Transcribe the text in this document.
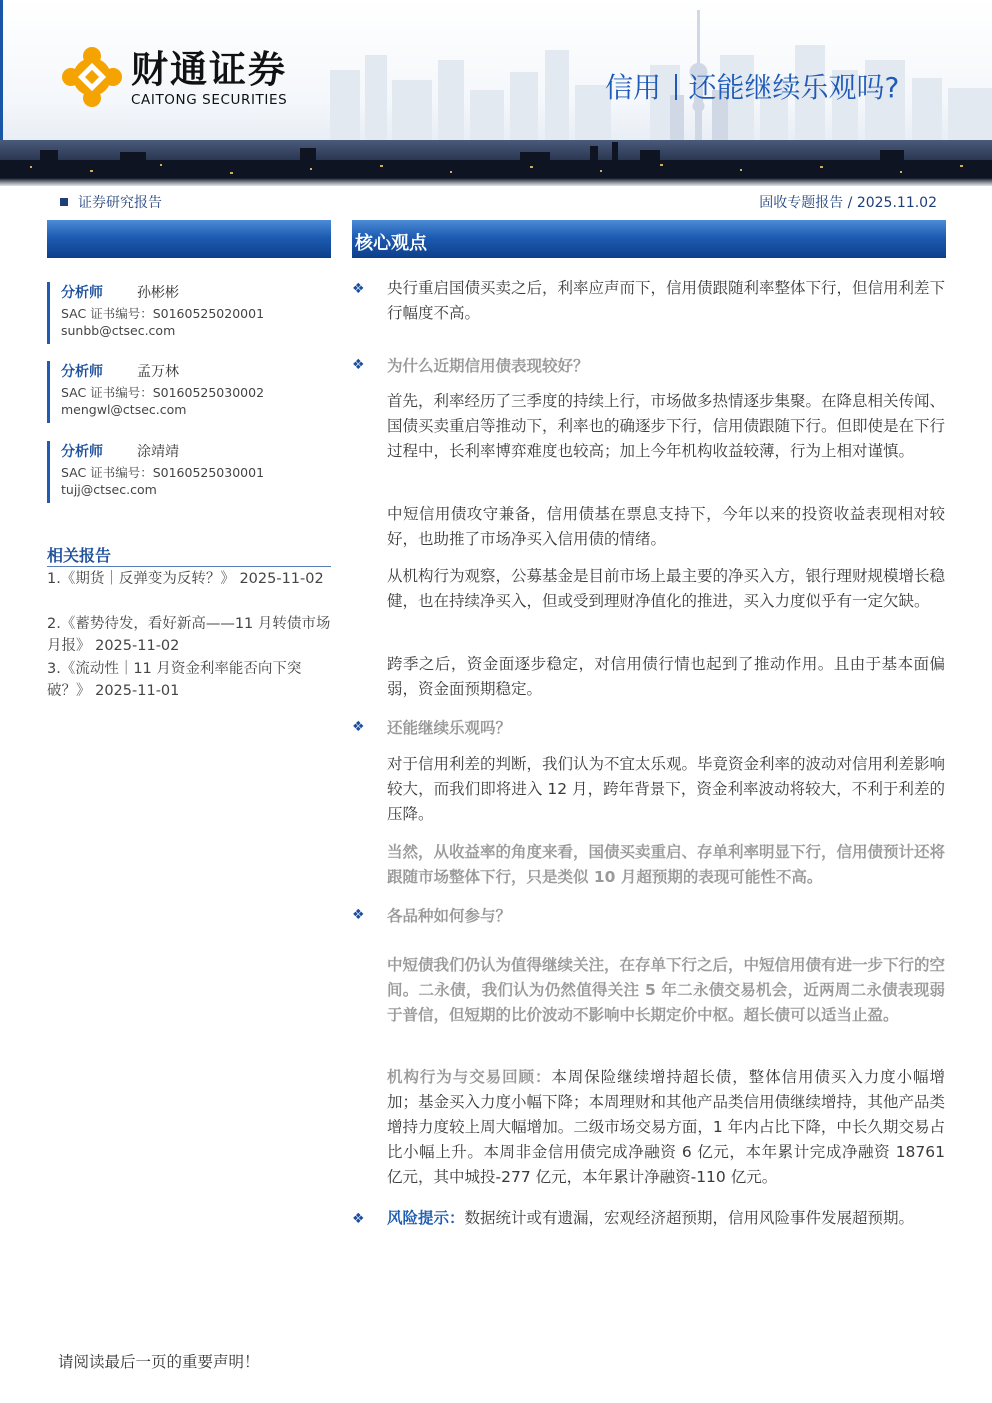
财通证券
CAITONG SECURITIES	信用 还能继续乐观吗?
证券研究报告	固收专题报告 / 2025.11.02
核心观点
分析师 孙彬彬
SAC 证书编号：S0160525020001
sunbb@ctsec.com
分析师 孟万林
SAC 证书编号：S0160525030002
mengwl@ctsec.com
分析师 涂靖靖
SAC 证书编号：S0160525030001
tujj@ctsec.com
相关报告
1.《期货｜反弹变为反转？》 2025-11-02
2.《蓄势待发，看好新高——11 月转债市场月报》 2025-11-02
3.《流动性｜11 月资金利率能否向下突破？》 2025-11-01
❖ 央行重启国债买卖之后，利率应声而下，信用债跟随利率整体下行，但信用利差下行幅度不高。
❖ 为什么近期信用债表现较好？
首先，利率经历了三季度的持续上行，市场做多热情逐步集聚。在降息相关传闻、国债买卖重启等推动下，利率也的确逐步下行，信用债跟随下行。但即使是在下行过程中，长利率博弈难度也较高；加上今年机构收益较薄，行为上相对谨慎。
中短信用债攻守兼备，信用债基在票息支持下，今年以来的投资收益表现相对较好，也助推了市场净买入信用债的情绪。
从机构行为观察，公募基金是目前市场上最主要的净买入方，银行理财规模增长稳健，也在持续净买入，但或受到理财净值化的推进，买入力度似乎有一定欠缺。
跨季之后，资金面逐步稳定，对信用债行情也起到了推动作用。且由于基本面偏弱，资金面预期稳定。
❖ 还能继续乐观吗？
对于信用利差的判断，我们认为不宜太乐观。毕竟资金利率的波动对信用利差影响较大，而我们即将进入 12 月，跨年背景下，资金利率波动将较大，不利于利差的压降。
当然，从收益率的角度来看，国债买卖重启、存单利率明显下行，信用债预计还将跟随市场整体下行，只是类似 10 月超预期的表现可能性不高。
❖ 各品种如何参与？
中短债我们仍认为值得继续关注，在存单下行之后，中短信用债有进一步下行的空间。二永债，我们认为仍然值得关注 5 年二永债交易机会，近两周二永债表现弱于普信，但短期的比价波动不影响中长期定价中枢。超长债可以适当止盈。
机构行为与交易回顾：本周保险继续增持超长债，整体信用债买入力度小幅增加；基金买入力度小幅下降；本周理财和其他产品类信用债继续增持，其他产品类增持力度较上周大幅增加。二级市场交易方面，1 年内占比下降，中长久期交易占比小幅上升。本周非金信用债完成净融资 6 亿元，本年累计完成净融资 18761 亿元，其中城投-277 亿元，本年累计净融资-110 亿元。
❖ 风险提示：数据统计或有遗漏，宏观经济超预期，信用风险事件发展超预期。
请阅读最后一页的重要声明！
